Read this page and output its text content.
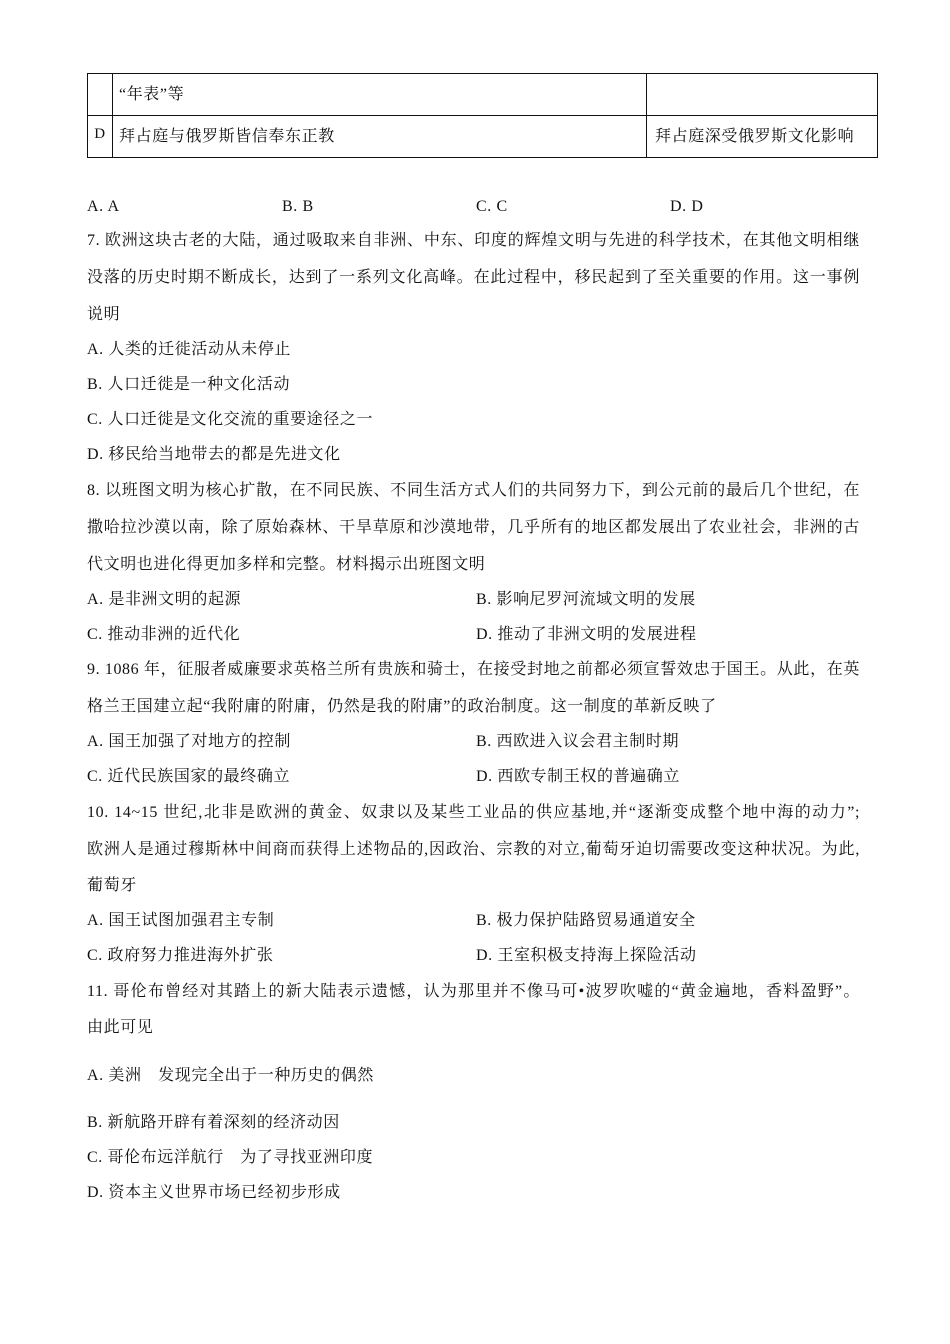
	“年表”等	
D	拜占庭与俄罗斯皆信奉东正教	拜占庭深受俄罗斯文化影响
A. A	B. B	C. C	D. D
7. 欧洲这块古老的大陆，通过吸取来自非洲、中东、印度的辉煌文明与先进的科学技术，在其他文明相继
没落的历史时期不断成长，达到了一系列文化高峰。在此过程中，移民起到了至关重要的作用。这一事例
说明
A. 人类的迁徙活动从未停止
B. 人口迁徙是一种文化活动
C. 人口迁徙是文化交流的重要途径之一
D. 移民给当地带去的都是先进文化
8. 以班图文明为核心扩散，在不同民族、不同生活方式人们的共同努力下，到公元前的最后几个世纪，在
撒哈拉沙漠以南，除了原始森林、干旱草原和沙漠地带，几乎所有的地区都发展出了农业社会，非洲的古
代文明也进化得更加多样和完整。材料揭示出班图文明
A. 是非洲文明的起源	B. 影响尼罗河流域文明的发展
C. 推动非洲的近代化	D. 推动了非洲文明的发展进程
9. 1086 年，征服者威廉要求英格兰所有贵族和骑士，在接受封地之前都必须宣誓效忠于国王。从此，在英
格兰王国建立起“我附庸的附庸，仍然是我的附庸”的政治制度。这一制度的革新反映了
A. 国王加强了对地方的控制	B. 西欧进入议会君主制时期
C. 近代民族国家的最终确立	D. 西欧专制王权的普遍确立
10. 14~15 世纪,北非是欧洲的黄金、奴隶以及某些工业品的供应基地,并“逐渐变成整个地中海的动力”;
欧洲人是通过穆斯林中间商而获得上述物品的,因政治、宗教的对立,葡萄牙迫切需要改变这种状况。为此,
葡萄牙
A. 国王试图加强君主专制	B. 极力保护陆路贸易通道安全
C. 政府努力推进海外扩张	D. 王室积极支持海上探险活动
11. 哥伦布曾经对其踏上的新大陆表示遗憾，认为那里并不像马可•波罗吹嘘的“黄金遍地，香料盈野”。
由此可见
A. 美洲　发现完全出于一种历史的偶然
B. 新航路开辟有着深刻的经济动因
C. 哥伦布远洋航行　为了寻找亚洲印度
D. 资本主义世界市场已经初步形成
